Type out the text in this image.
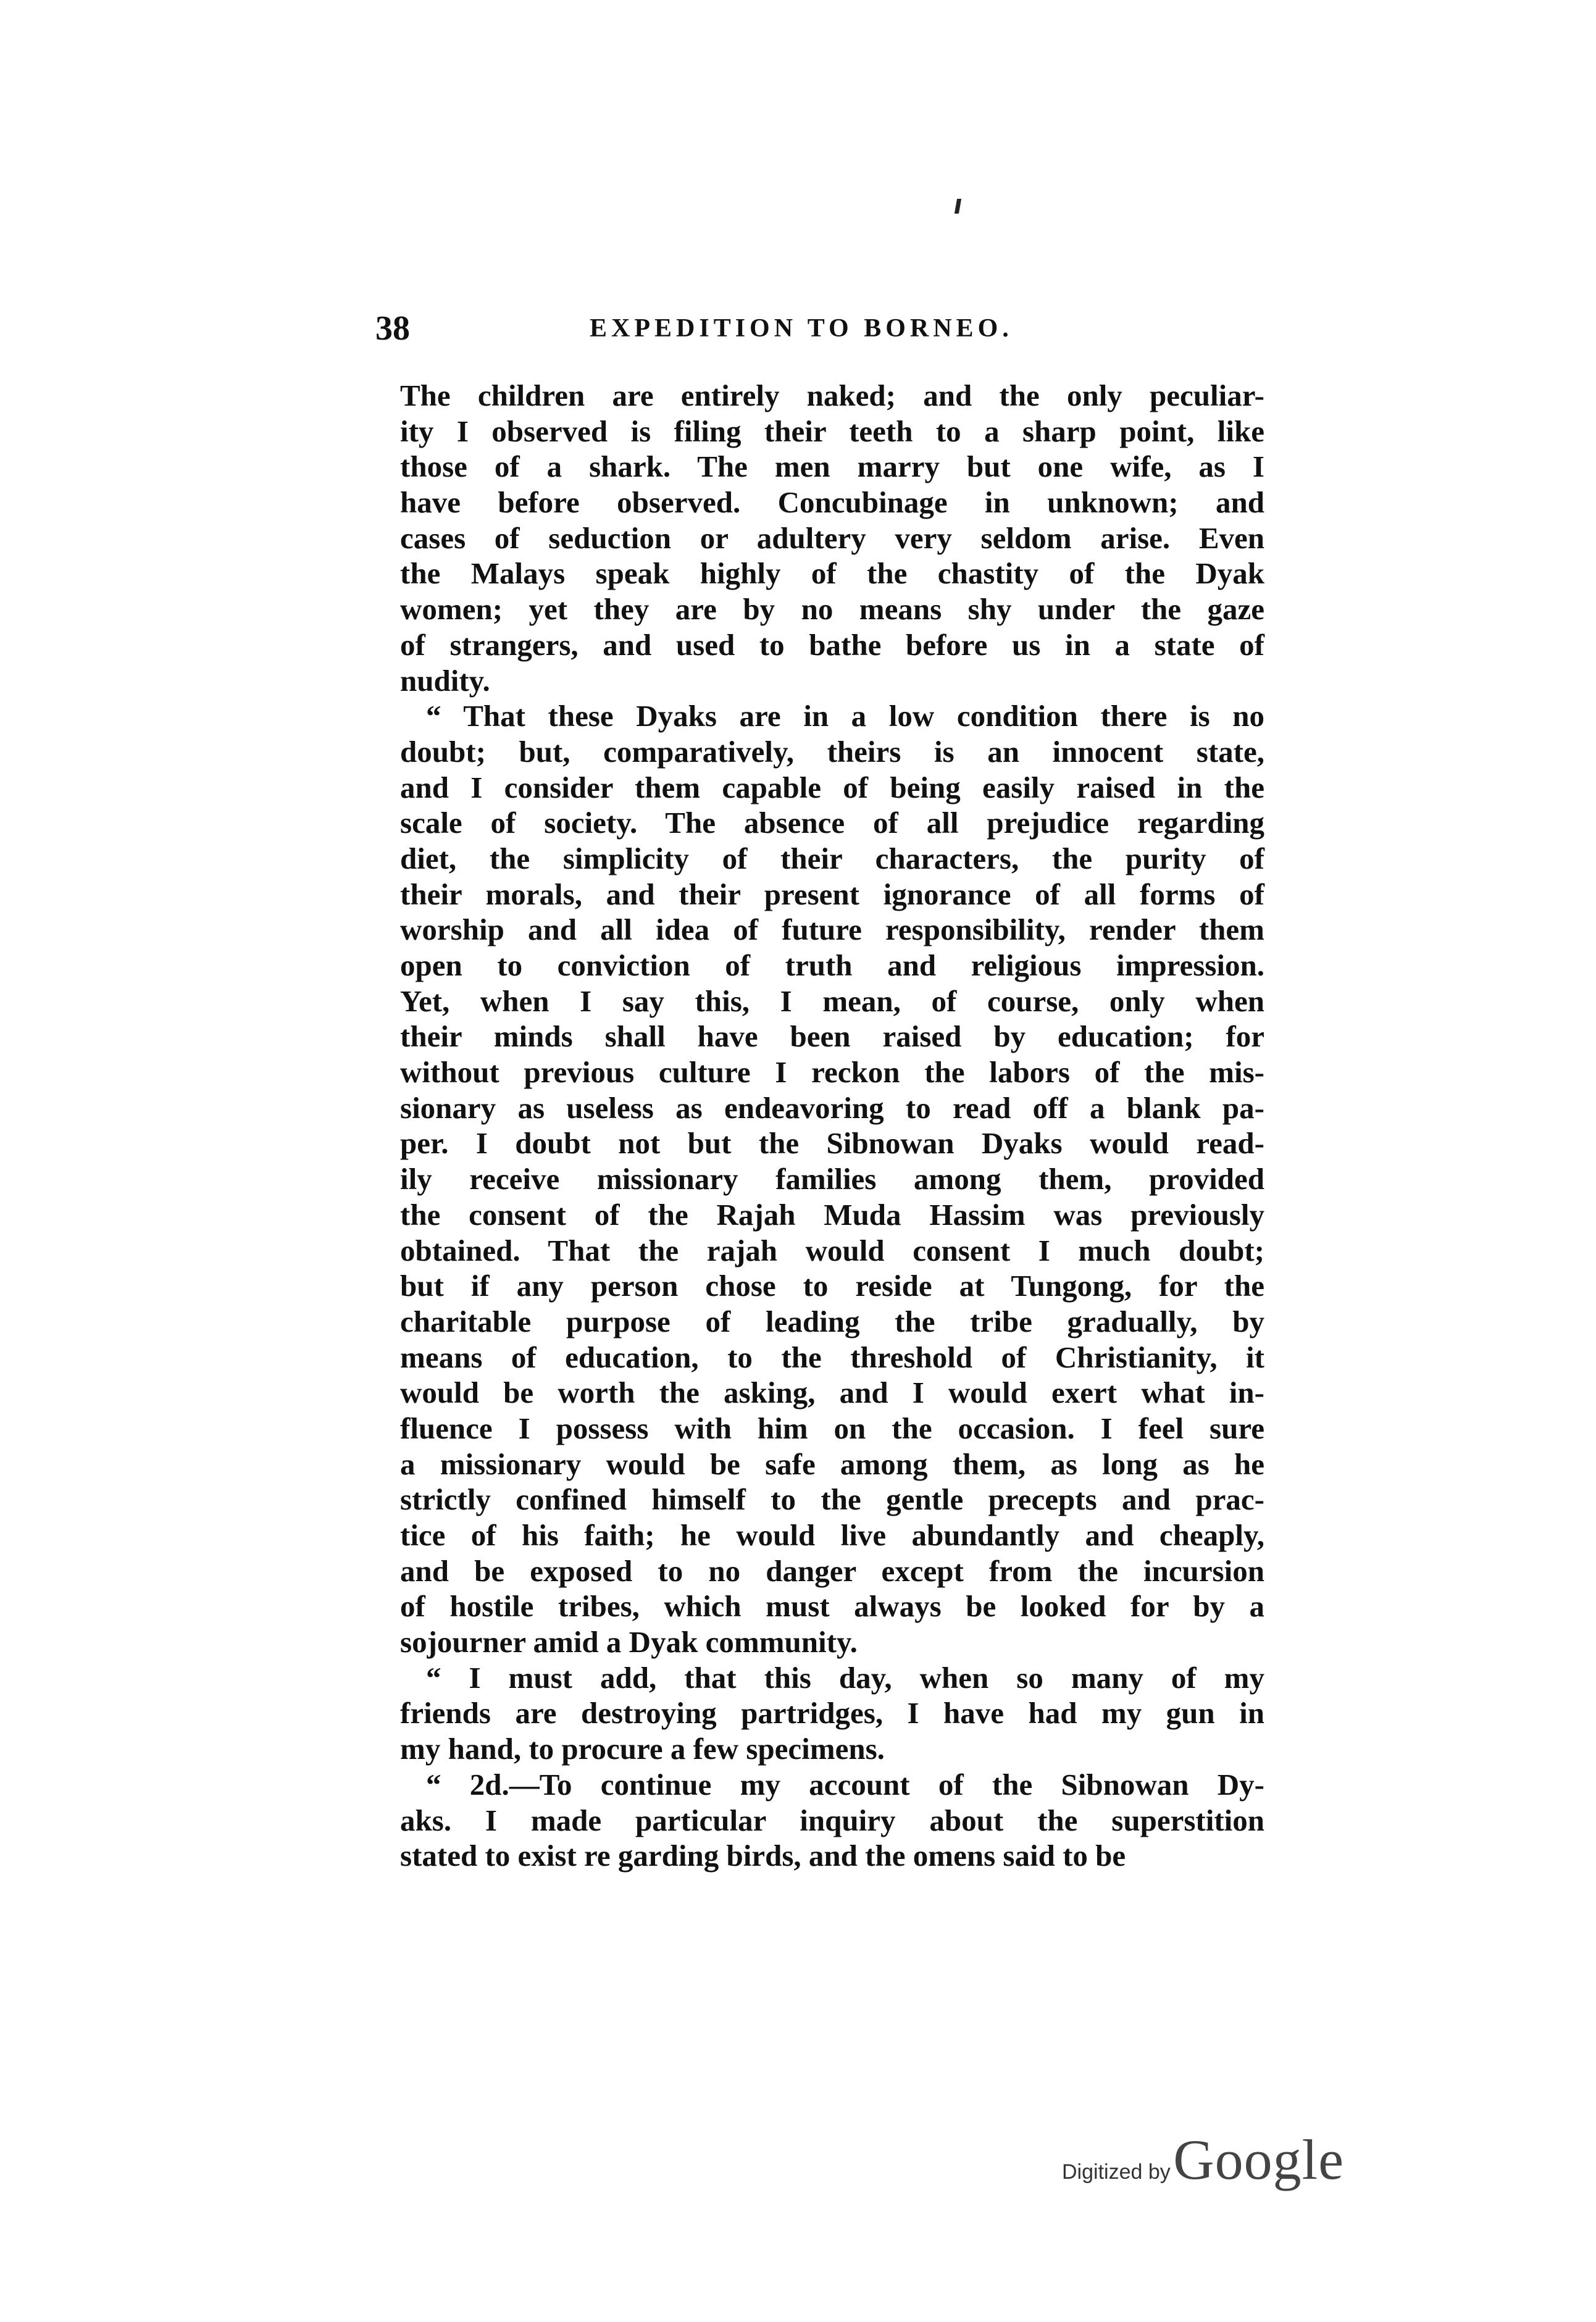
38	EXPEDITION TO BORNEO.
The children are entirely naked; and the only peculiar-
ity I observed is filing their teeth to a sharp point, like
those of a shark. The men marry but one wife, as I
have before observed. Concubinage in unknown; and
cases of seduction or adultery very seldom arise. Even
the Malays speak highly of the chastity of the Dyak
women; yet they are by no means shy under the gaze
of strangers, and used to bathe before us in a state of
nudity.
“ That these Dyaks are in a low condition there is no
doubt; but, comparatively, theirs is an innocent state,
and I consider them capable of being easily raised in the
scale of society. The absence of all prejudice regarding
diet, the simplicity of their characters, the purity of
their morals, and their present ignorance of all forms of
worship and all idea of future responsibility, render them
open to conviction of truth and religious impression.
Yet, when I say this, I mean, of course, only when
their minds shall have been raised by education; for
without previous culture I reckon the labors of the mis-
sionary as useless as endeavoring to read off a blank pa-
per. I doubt not but the Sibnowan Dyaks would read-
ily receive missionary families among them, provided
the consent of the Rajah Muda Hassim was previously
obtained. That the rajah would consent I much doubt;
but if any person chose to reside at Tungong, for the
charitable purpose of leading the tribe gradually, by
means of education, to the threshold of Christianity, it
would be worth the asking, and I would exert what in-
fluence I possess with him on the occasion. I feel sure
a missionary would be safe among them, as long as he
strictly confined himself to the gentle precepts and prac-
tice of his faith; he would live abundantly and cheaply,
and be exposed to no danger except from the incursion
of hostile tribes, which must always be looked for by a
sojourner amid a Dyak community.
“ I must add, that this day, when so many of my
friends are destroying partridges, I have had my gun in
my hand, to procure a few specimens.
“ 2d.—To continue my account of the Sibnowan Dy-
aks. I made particular inquiry about the superstition
stated to exist re garding birds, and the omens said to be
Digitized by Google
